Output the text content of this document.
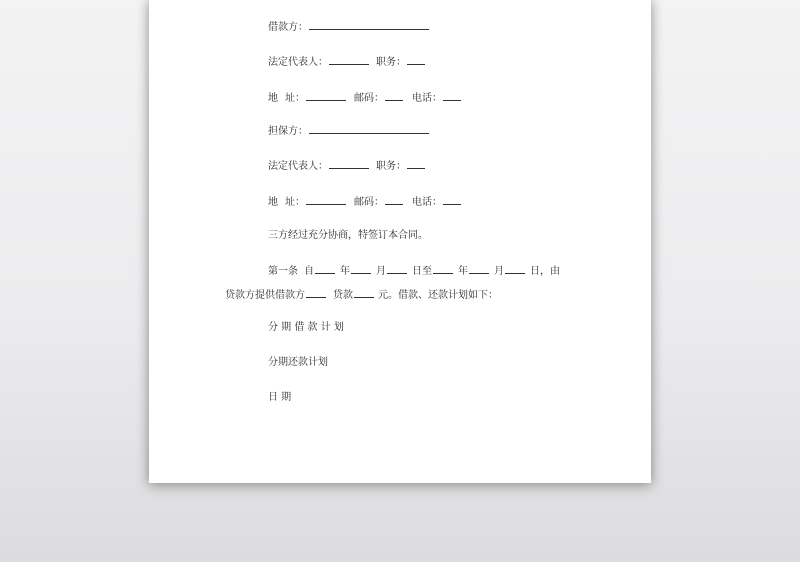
借款方：
法定代表人：	职务：
地 址：	邮码：	电话：
担保方：
法定代表人：	职务：
地 址：	邮码：	电话：
三方经过充分协商，特签订本合同。
第一条 自	年	月	日至	年	月	日，由
贷款方提供借款方	贷款	元。借款、还款计划如下：
分 期 借 款 计 划
分期还款计划
日 期
